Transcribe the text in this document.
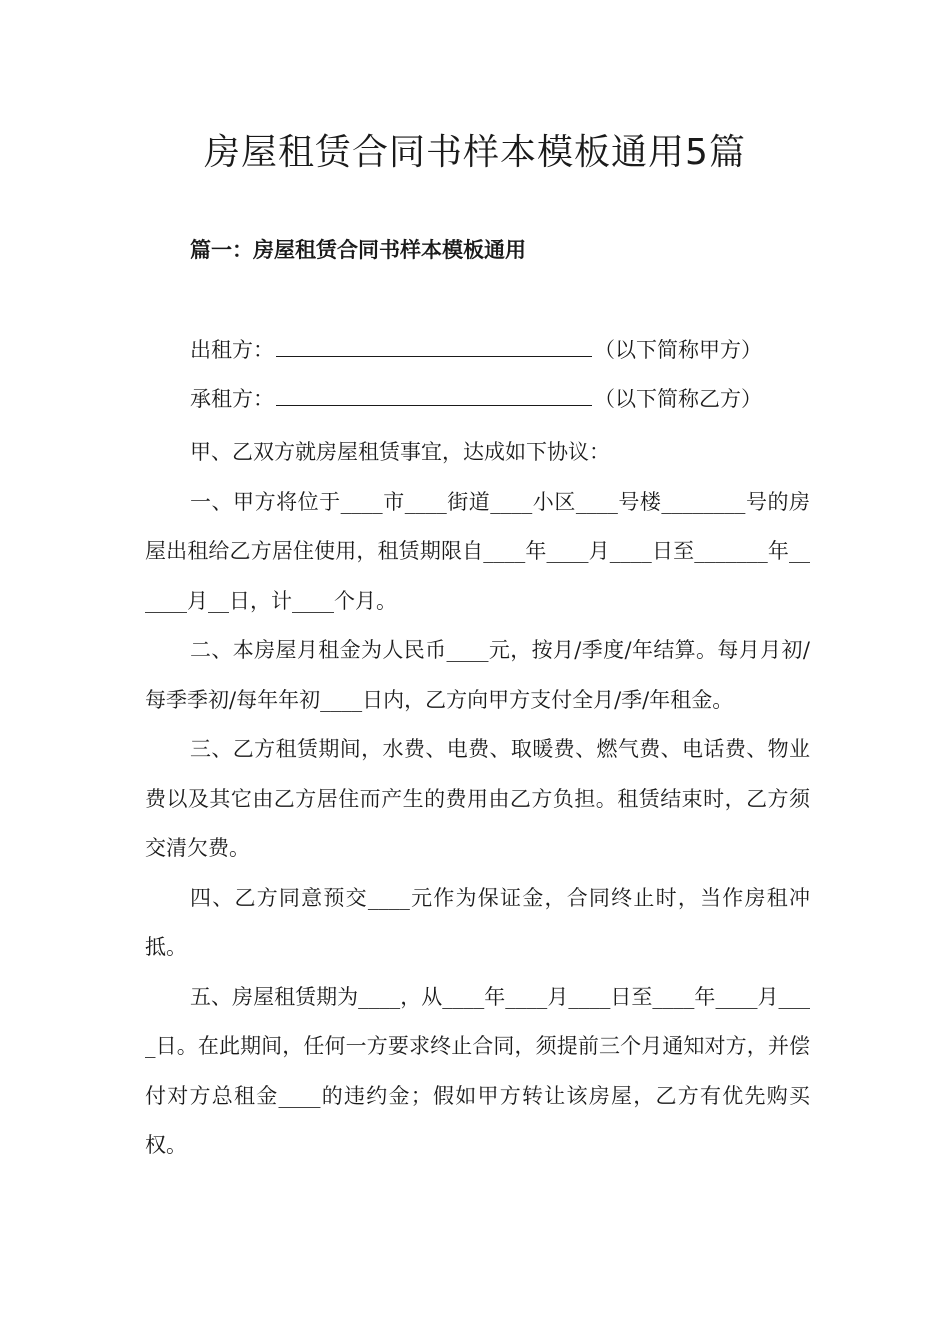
房屋租赁合同书样本模板通用5篇
篇一：房屋租赁合同书样本模板通用
出租方：	（以下简称甲方）
承租方：	（以下简称乙方）

甲、乙双方就房屋租赁事宜，达成如下协议：

一、甲方将位于____市____街道____小区____号楼________号的房屋出租给乙方居住使用，租赁期限自____年____月____日至_______年______月__日，计____个月。

二、本房屋月租金为人民币____元，按月/季度/年结算。每月月初/每季季初/每年年初____日内，乙方向甲方支付全月/季/年租金。

三、乙方租赁期间，水费、电费、取暖费、燃气费、电话费、物业费以及其它由乙方居住而产生的费用由乙方负担。租赁结束时，乙方须交清欠费。

四、乙方同意预交____元作为保证金，合同终止时，当作房租冲抵。

五、房屋租赁期为____，从____年____月____日至____年____月____日。在此期间，任何一方要求终止合同，须提前三个月通知对方，并偿付对方总租金____的违约金；假如甲方转让该房屋，乙方有优先购买权。
